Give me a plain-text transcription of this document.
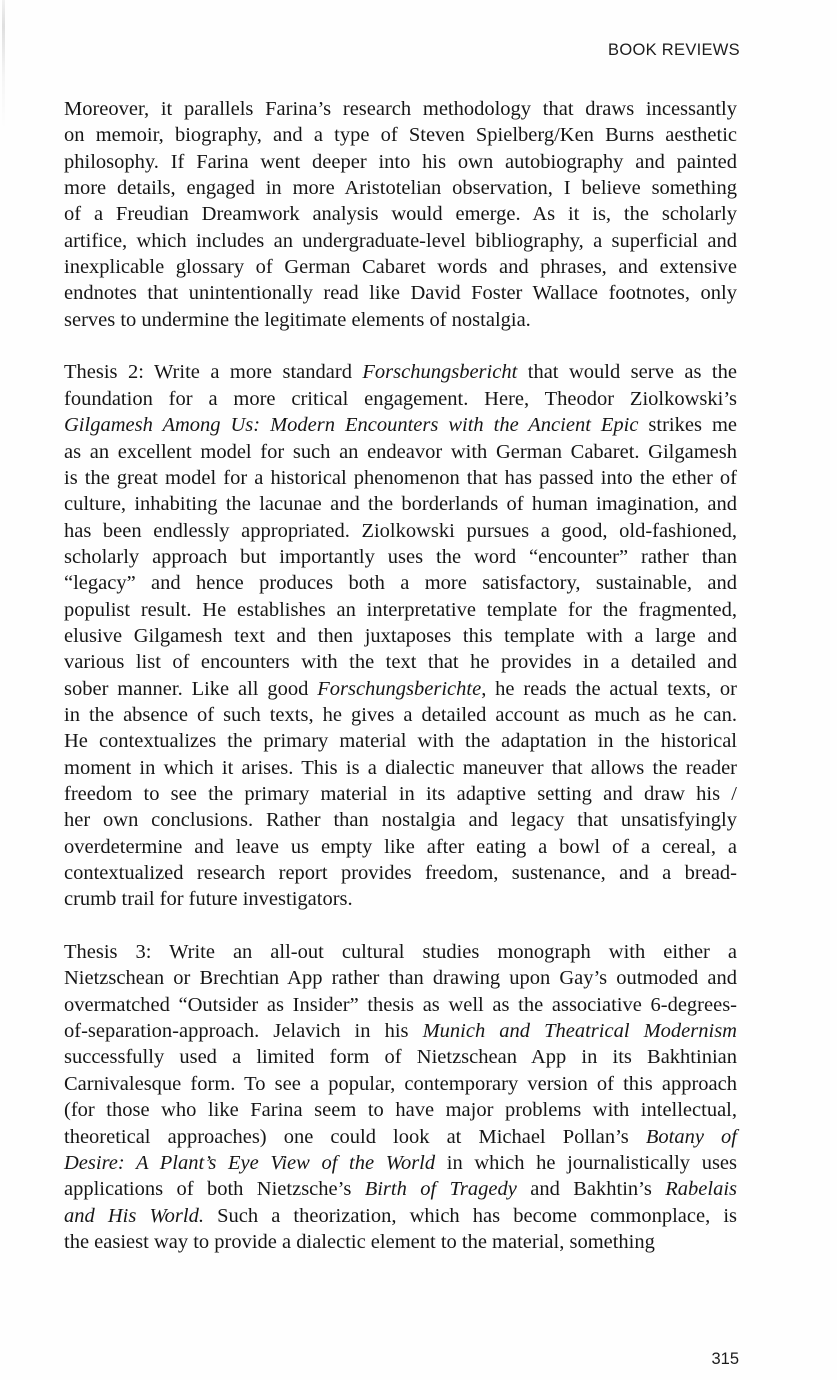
BOOK REVIEWS

Moreover, it parallels Farina’s research methodology that draws incessantly
on memoir, biography, and a type of Steven Spielberg/Ken Burns aesthetic
philosophy. If Farina went deeper into his own autobiography and painted
more details, engaged in more Aristotelian observation, I believe something
of a Freudian Dreamwork analysis would emerge. As it is, the scholarly
artifice, which includes an undergraduate-level bibliography, a superficial and
inexplicable glossary of German Cabaret words and phrases, and extensive
endnotes that unintentionally read like David Foster Wallace footnotes, only
serves to undermine the legitimate elements of nostalgia.

Thesis 2: Write a more standard Forschungsbericht that would serve as the
foundation for a more critical engagement. Here, Theodor Ziolkowski’s
Gilgamesh Among Us: Modern Encounters with the Ancient Epic strikes me
as an excellent model for such an endeavor with German Cabaret. Gilgamesh
is the great model for a historical phenomenon that has passed into the ether of
culture, inhabiting the lacunae and the borderlands of human imagination, and
has been endlessly appropriated. Ziolkowski pursues a good, old-fashioned,
scholarly approach but importantly uses the word “encounter” rather than
“legacy” and hence produces both a more satisfactory, sustainable, and
populist result. He establishes an interpretative template for the fragmented,
elusive Gilgamesh text and then juxtaposes this template with a large and
various list of encounters with the text that he provides in a detailed and
sober manner. Like all good Forschungsberichte, he reads the actual texts, or
in the absence of such texts, he gives a detailed account as much as he can.
He contextualizes the primary material with the adaptation in the historical
moment in which it arises. This is a dialectic maneuver that allows the reader
freedom to see the primary material in its adaptive setting and draw his /
her own conclusions. Rather than nostalgia and legacy that unsatisfyingly
overdetermine and leave us empty like after eating a bowl of a cereal, a
contextualized research report provides freedom, sustenance, and a bread-
crumb trail for future investigators.

Thesis 3: Write an all-out cultural studies monograph with either a
Nietzschean or Brechtian App rather than drawing upon Gay’s outmoded and
overmatched “Outsider as Insider” thesis as well as the associative 6-degrees-
of-separation-approach. Jelavich in his Munich and Theatrical Modernism
successfully used a limited form of Nietzschean App in its Bakhtinian
Carnivalesque form. To see a popular, contemporary version of this approach
(for those who like Farina seem to have major problems with intellectual,
theoretical approaches) one could look at Michael Pollan’s Botany of
Desire: A Plant’s Eye View of the World in which he journalistically uses
applications of both Nietzsche’s Birth of Tragedy and Bakhtin’s Rabelais
and His World. Such a theorization, which has become commonplace, is
the easiest way to provide a dialectic element to the material, something

315
